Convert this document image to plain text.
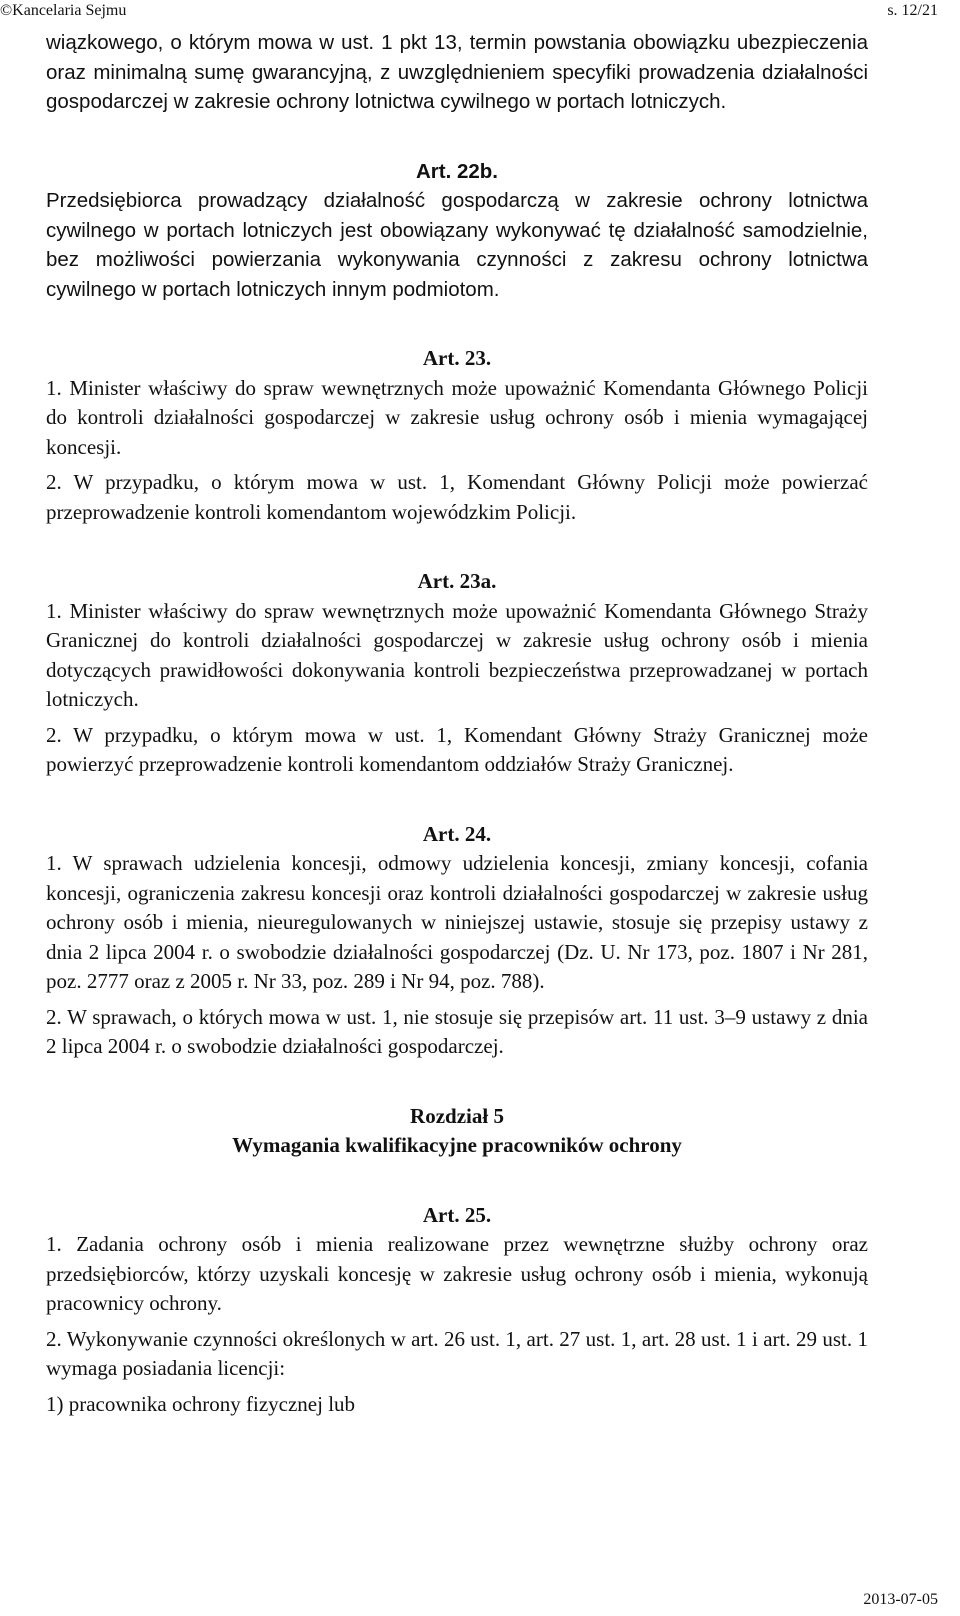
©Kancelaria Sejmu	s. 12/21

wiązkowego, o którym mowa w ust. 1 pkt 13, termin powstania obowiązku ubezpieczenia oraz minimalną sumę gwarancyjną, z uwzględnieniem specyfiki prowadzenia działalności gospodarczej w zakresie ochrony lotnictwa cywilnego w portach lotniczych.

Art. 22b.

Przedsiębiorca prowadzący działalność gospodarczą w zakresie ochrony lotnictwa cywilnego w portach lotniczych jest obowiązany wykonywać tę działalność samodzielnie, bez możliwości powierzania wykonywania czynności z zakresu ochrony lotnictwa cywilnego w portach lotniczych innym podmiotom.

Art. 23.

1. Minister właściwy do spraw wewnętrznych może upoważnić Komendanta Głównego Policji do kontroli działalności gospodarczej w zakresie usług ochrony osób i mienia wymagającej koncesji.

2. W przypadku, o którym mowa w ust. 1, Komendant Główny Policji może powierzać przeprowadzenie kontroli komendantom wojewódzkim Policji.

Art. 23a.

1. Minister właściwy do spraw wewnętrznych może upoważnić Komendanta Głównego Straży Granicznej do kontroli działalności gospodarczej w zakresie usług ochrony osób i mienia dotyczących prawidłowości dokonywania kontroli bezpieczeństwa przeprowadzanej w portach lotniczych.

2. W przypadku, o którym mowa w ust. 1, Komendant Główny Straży Granicznej może powierzyć przeprowadzenie kontroli komendantom oddziałów Straży Granicznej.

Art. 24.

1. W sprawach udzielenia koncesji, odmowy udzielenia koncesji, zmiany koncesji, cofania koncesji, ograniczenia zakresu koncesji oraz kontroli działalności gospodarczej w zakresie usług ochrony osób i mienia, nieuregulowanych w niniejszej ustawie, stosuje się przepisy ustawy z dnia 2 lipca 2004 r. o swobodzie działalności gospodarczej (Dz. U. Nr 173, poz. 1807 i Nr 281, poz. 2777 oraz z 2005 r. Nr 33, poz. 289 i Nr 94, poz. 788).

2. W sprawach, o których mowa w ust. 1, nie stosuje się przepisów art. 11 ust. 3–9 ustawy z dnia 2 lipca 2004 r. o swobodzie działalności gospodarczej.

Rozdział 5

Wymagania kwalifikacyjne pracowników ochrony

Art. 25.

1. Zadania ochrony osób i mienia realizowane przez wewnętrzne służby ochrony oraz przedsiębiorców, którzy uzyskali koncesję w zakresie usług ochrony osób i mienia, wykonują pracownicy ochrony.

2. Wykonywanie czynności określonych w art. 26 ust. 1, art. 27 ust. 1, art. 28 ust. 1 i art. 29 ust. 1 wymaga posiadania licencji:

1) pracownika ochrony fizycznej lub

2013-07-05
